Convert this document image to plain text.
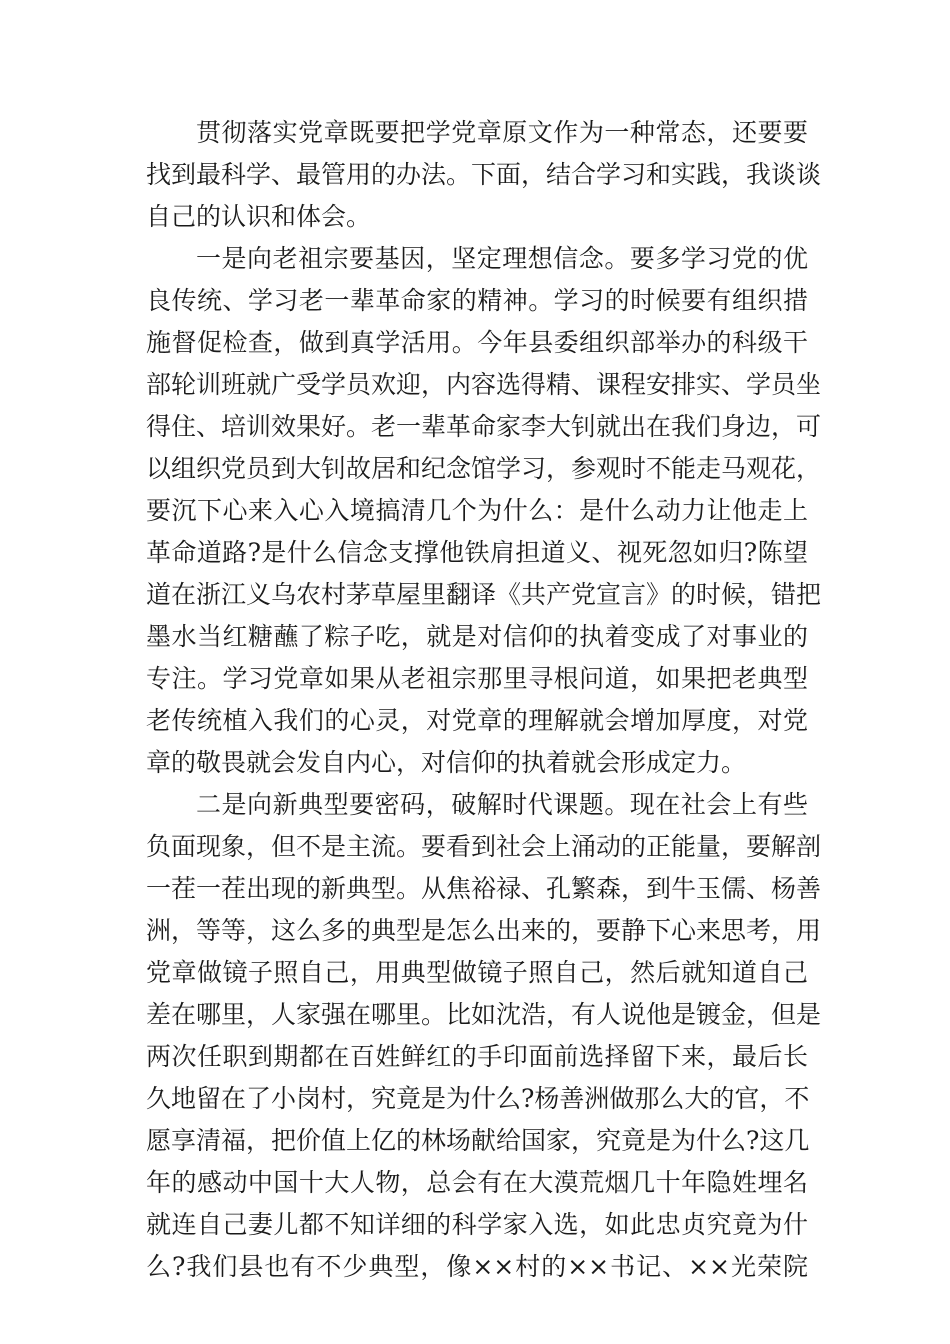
贯彻落实党章既要把学党章原文作为一种常态，还要要
找到最科学、最管用的办法。下面，结合学习和实践，我谈谈
自己的认识和体会。
一是向老祖宗要基因，坚定理想信念。要多学习党的优
良传统、学习老一辈革命家的精神。学习的时候要有组织措
施督促检查，做到真学活用。今年县委组织部举办的科级干
部轮训班就广受学员欢迎，内容选得精、课程安排实、学员坐
得住、培训效果好。老一辈革命家李大钊就出在我们身边，可
以组织党员到大钊故居和纪念馆学习，参观时不能走马观花，
要沉下心来入心入境搞清几个为什么：是什么动力让他走上
革命道路?是什么信念支撑他铁肩担道义、视死忽如归?陈望
道在浙江义乌农村茅草屋里翻译《共产党宣言》的时候，错把
墨水当红糖蘸了粽子吃，就是对信仰的执着变成了对事业的
专注。学习党章如果从老祖宗那里寻根问道，如果把老典型
老传统植入我们的心灵，对党章的理解就会增加厚度，对党
章的敬畏就会发自内心，对信仰的执着就会形成定力。
二是向新典型要密码，破解时代课题。现在社会上有些
负面现象，但不是主流。要看到社会上涌动的正能量，要解剖
一茬一茬出现的新典型。从焦裕禄、孔繁森，到牛玉儒、杨善
洲，等等，这么多的典型是怎么出来的，要静下心来思考，用
党章做镜子照自己，用典型做镜子照自己，然后就知道自己
差在哪里，人家强在哪里。比如沈浩，有人说他是镀金，但是
两次任职到期都在百姓鲜红的手印面前选择留下来，最后长
久地留在了小岗村，究竟是为什么?杨善洲做那么大的官，不
愿享清福，把价值上亿的林场献给国家，究竟是为什么?这几
年的感动中国十大人物，总会有在大漠荒烟几十年隐姓埋名
就连自己妻儿都不知详细的科学家入选，如此忠贞究竟为什
么?我们县也有不少典型，像××村的××书记、××光荣院
